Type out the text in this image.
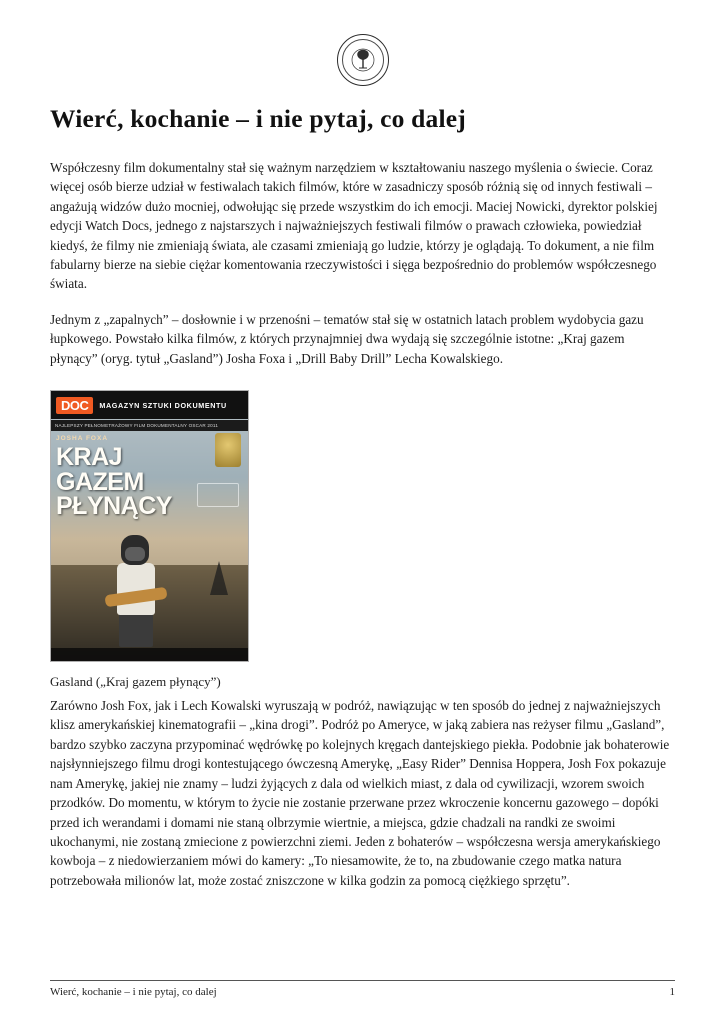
Wierć, kochanie – i nie pytaj, co dalej

Współczesny film dokumentalny stał się ważnym narzędziem w kształtowaniu naszego myślenia o świecie. Coraz więcej osób bierze udział w festiwalach takich filmów, które w zasadniczy sposób różnią się od innych festiwali – angażują widzów dużo mocniej, odwołując się przede wszystkim do ich emocji. Maciej Nowicki, dyrektor polskiej edycji Watch Docs, jednego z najstarszych i najważniejszych festiwali filmów o prawach człowieka, powiedział kiedyś, że filmy nie zmieniają świata, ale czasami zmieniają go ludzie, którzy je oglądają. To dokument, a nie film fabularny bierze na siebie ciężar komentowania rzeczywistości i sięga bezpośrednio do problemów współczesnego świata.

Jednym z „zapalnych” – dosłownie i w przenośni – tematów stał się w ostatnich latach problem wydobycia gazu łupkowego. Powstało kilka filmów, z których przynajmniej dwa wydają się szczególnie istotne: „Kraj gazem płynący” (oryg. tytuł „Gasland”) Josha Foxa i „Drill Baby Drill” Lecha Kowalskiego.

DOC	MAGAZYN SZTUKI DOKUMENTU
NAJLEPSZY PEŁNOMETRAŻOWY FILM DOKUMENTALNY OSCAR 2011
JOSHA FOXA
KRAJ
GAZEM
PŁYNĄCY

Gasland („Kraj gazem płynący”)

Zarówno Josh Fox, jak i Lech Kowalski wyruszają w podróż, nawiązując w ten sposób do jednej z najważniejszych klisz amerykańskiej kinematografii – „kina drogi”. Podróż po Ameryce, w jaką zabiera nas reżyser filmu „Gasland”, bardzo szybko zaczyna przypominać wędrówkę po kolejnych kręgach dantejskiego piekła. Podobnie jak bohaterowie najsłynniejszego filmu drogi kontestującego ówczesną Amerykę, „Easy Rider” Dennisa Hoppera, Josh Fox pokazuje nam Amerykę, jakiej nie znamy – ludzi żyjących z dala od wielkich miast, z dala od cywilizacji, wzorem swoich przodków. Do momentu, w którym to życie nie zostanie przerwane przez wkroczenie koncernu gazowego – dopóki przed ich werandami i domami nie staną olbrzymie wiertnie, a miejsca, gdzie chadzali na randki ze swoimi ukochanymi, nie zostaną zmiecione z powierzchni ziemi. Jeden z bohaterów – współczesna wersja amerykańskiego kowboja – z niedowierzaniem mówi do kamery: „To niesamowite, że to, na zbudowanie czego matka natura potrzebowała milionów lat, może zostać zniszczone w kilka godzin za pomocą ciężkiego sprzętu”.

Wierć, kochanie – i nie pytaj, co dalej	1
